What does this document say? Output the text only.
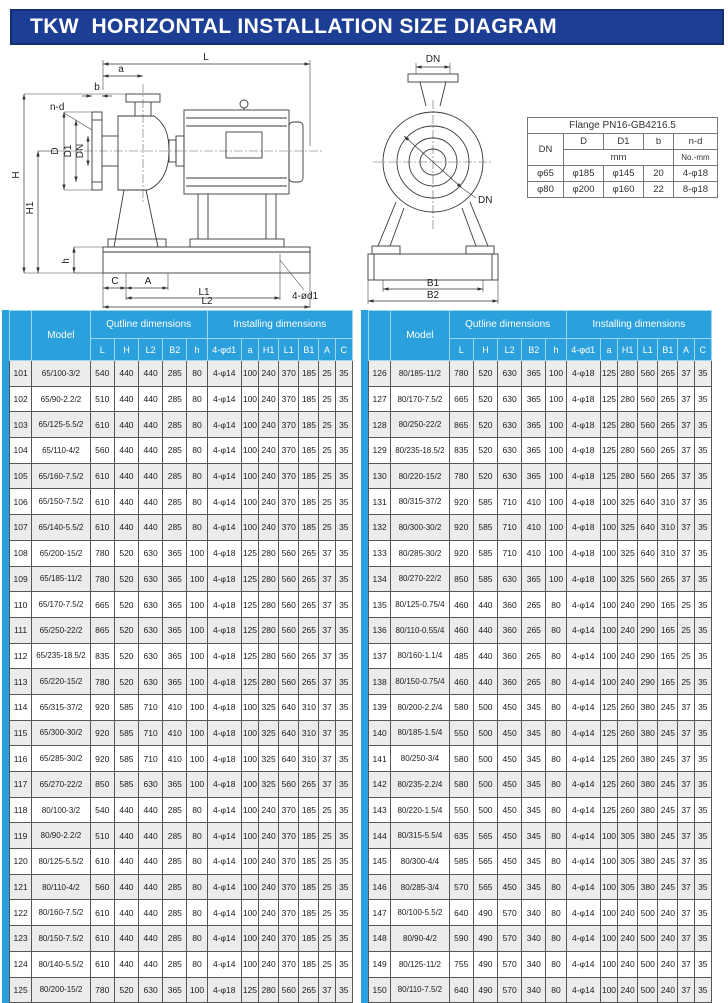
TKW  HORIZONTAL INSTALLATION SIZE DIAGRAM
L
a
b
n-d
D D1 DN
H
H1
h
C	A
L1
L2	4-ød1
DN
DN
B1
B2
Flange PN16-GB4216.5				
DN	D	D1	b	n-d
	mm			No.-mm
φ65	φ185	φ145	20	4-φ18
φ80	φ200	φ160	22	8-φ18
	Model	Qutline dimensions					Installing dimensions						
		L	H	L2	B2	h	4-φd1	a	H1	L1	B1	A	C
101	65/100-3/2	540	440	440	285	80	4-φ14	100	240	370	185	25	35
102	65/90-2.2/2	510	440	440	285	80	4-φ14	100	240	370	185	25	35
103	65/125-5.5/2	610	440	440	285	80	4-φ14	100	240	370	185	25	35
104	65/110-4/2	560	440	440	285	80	4-φ14	100	240	370	185	25	35
105	65/160-7.5/2	610	440	440	285	80	4-φ14	100	240	370	185	25	35
106	65/150-7.5/2	610	440	440	285	80	4-φ14	100	240	370	185	25	35
107	65/140-5.5/2	610	440	440	285	80	4-φ14	100	240	370	185	25	35
108	65/200-15/2	780	520	630	365	100	4-φ18	125	280	560	265	37	35
109	65/185-11/2	780	520	630	365	100	4-φ18	125	280	560	265	37	35
110	65/170-7.5/2	665	520	630	365	100	4-φ18	125	280	560	265	37	35
111	65/250-22/2	865	520	630	365	100	4-φ18	125	280	560	265	37	35
112	65/235-18.5/2	835	520	630	365	100	4-φ18	125	280	560	265	37	35
113	65/220-15/2	780	520	630	365	100	4-φ18	125	280	560	265	37	35
114	65/315-37/2	920	585	710	410	100	4-φ18	100	325	640	310	37	35
115	65/300-30/2	920	585	710	410	100	4-φ18	100	325	640	310	37	35
116	65/285-30/2	920	585	710	410	100	4-φ18	100	325	640	310	37	35
117	65/270-22/2	850	585	630	365	100	4-φ18	100	325	560	265	37	35
118	80/100-3/2	540	440	440	285	80	4-φ14	100	240	370	185	25	35
119	80/90-2.2/2	510	440	440	285	80	4-φ14	100	240	370	185	25	35
120	80/125-5.5/2	610	440	440	285	80	4-φ14	100	240	370	185	25	35
121	80/110-4/2	560	440	440	285	80	4-φ14	100	240	370	185	25	35
122	80/160-7.5/2	610	440	440	285	80	4-φ14	100	240	370	185	25	35
123	80/150-7.5/2	610	440	440	285	80	4-φ14	100	240	370	185	25	35
124	80/140-5.5/2	610	440	440	285	80	4-φ14	100	240	370	185	25	35
125	80/200-15/2	780	520	630	365	100	4-φ18	125	280	560	265	37	35
	Model	Qutline dimensions					Installing dimensions						
		L	H	L2	B2	h	4-φd1	a	H1	L1	B1	A	C
126	80/185-11/2	780	520	630	365	100	4-φ18	125	280	560	265	37	35
127	80/170-7.5/2	665	520	630	365	100	4-φ18	125	280	560	265	37	35
128	80/250-22/2	865	520	630	365	100	4-φ18	125	280	560	265	37	35
129	80/235-18.5/2	835	520	630	365	100	4-φ18	125	280	560	265	37	35
130	80/220-15/2	780	520	630	365	100	4-φ18	125	280	560	265	37	35
131	80/315-37/2	920	585	710	410	100	4-φ18	100	325	640	310	37	35
132	80/300-30/2	920	585	710	410	100	4-φ18	100	325	640	310	37	35
133	80/285-30/2	920	585	710	410	100	4-φ18	100	325	640	310	37	35
134	80/270-22/2	850	585	630	365	100	4-φ18	100	325	560	265	37	35
135	80/125-0.75/4	460	440	360	265	80	4-φ14	100	240	290	165	25	35
136	80/110-0.55/4	460	440	360	265	80	4-φ14	100	240	290	165	25	35
137	80/160-1.1/4	485	440	360	265	80	4-φ14	100	240	290	165	25	35
138	80/150-0.75/4	460	440	360	265	80	4-φ14	100	240	290	165	25	35
139	80/200-2.2/4	580	500	450	345	80	4-φ14	125	260	380	245	37	35
140	80/185-1.5/4	550	500	450	345	80	4-φ14	125	260	380	245	37	35
141	80/250-3/4	580	500	450	345	80	4-φ14	125	260	380	245	37	35
142	80/235-2.2/4	580	500	450	345	80	4-φ14	125	260	380	245	37	35
143	80/220-1.5/4	550	500	450	345	80	4-φ14	125	260	380	245	37	35
144	80/315-5.5/4	635	565	450	345	80	4-φ14	100	305	380	245	37	35
145	80/300-4/4	585	565	450	345	80	4-φ14	100	305	380	245	37	35
146	80/285-3/4	570	565	450	345	80	4-φ14	100	305	380	245	37	35
147	80/100-5.5/2	640	490	570	340	80	4-φ14	100	240	500	240	37	35
148	80/90-4/2	590	490	570	340	80	4-φ14	100	240	500	240	37	35
149	80/125-11/2	755	490	570	340	80	4-φ14	100	240	500	240	37	35
150	80/110-7.5/2	640	490	570	340	80	4-φ14	100	240	500	240	37	35
